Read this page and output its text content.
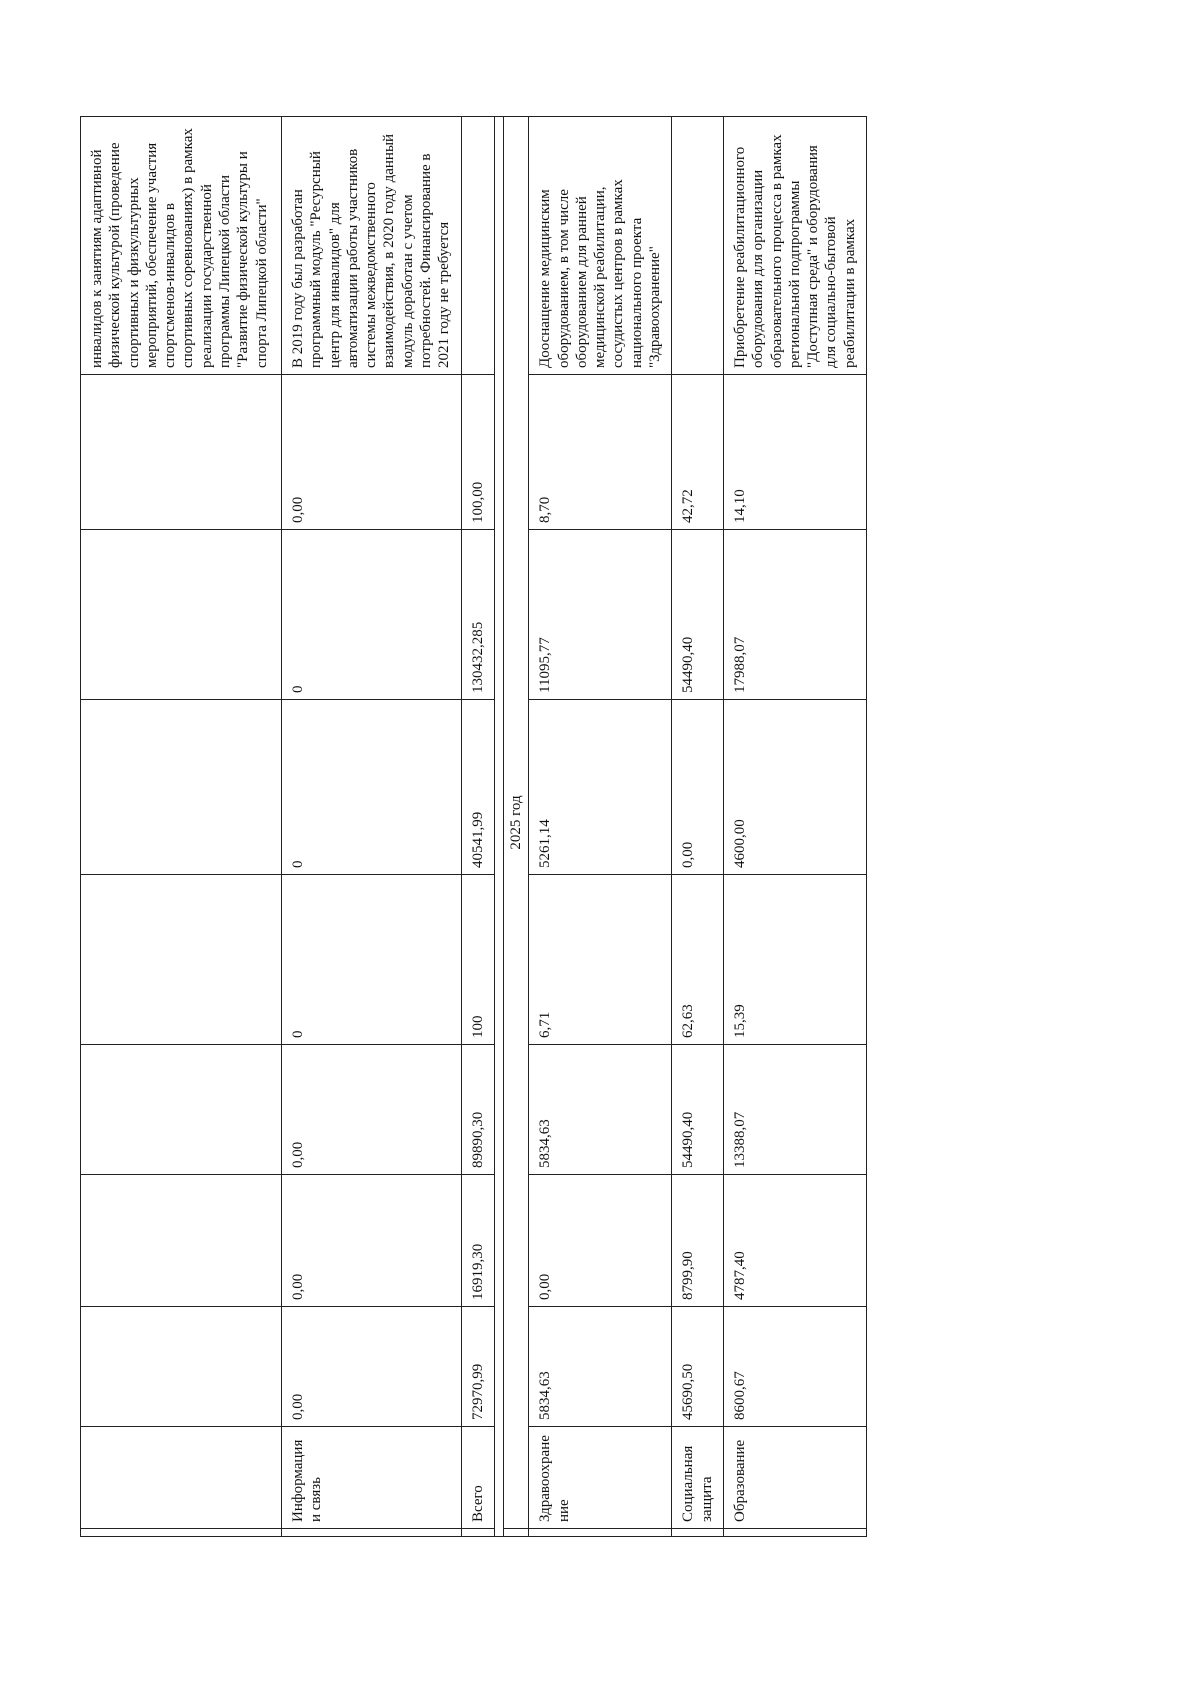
									инвалидов к занятиям адаптивной физической культурой (проведение спортивных и физкультурных мероприятий, обеспечение участия спортсменов-инвалидов в спортивных соревнованиях) в рамках реализации государственной программы Липецкой области "Развитие физической культуры и спорта Липецкой области"
	Информация и связь	0,00	0,00	0,00	0	0	0	0,00	В 2019 году был разработан программный модуль "Ресурсный центр для инвалидов" для автоматизации работы участников системы межведомственного взаимодействия, в 2020 году данный модуль доработан с учетом потребностей. Финансирование в 2021 году не требуется
	Всего	72970,99	16919,30	89890,30	100	40541,99	130432,285	100,00	

	2025 год								
	Здравоохранение	5834,63	0,00	5834,63	6,71	5261,14	11095,77	8,70	Дооснащение медицинским оборудованием, в том числе оборудованием для ранней медицинской реабилитации, сосудистых центров в рамках национального проекта "Здравоохранение"
	Социальная защита	45690,50	8799,90	54490,40	62,63	0,00	54490,40	42,72	
	Образование	8600,67	4787,40	13388,07	15,39	4600,00	17988,07	14,10	Приобретение реабилитационного оборудования для организации образовательного процесса в рамках региональной подпрограммы "Доступная среда" и оборудования для социально-бытовой реабилитации в рамках
